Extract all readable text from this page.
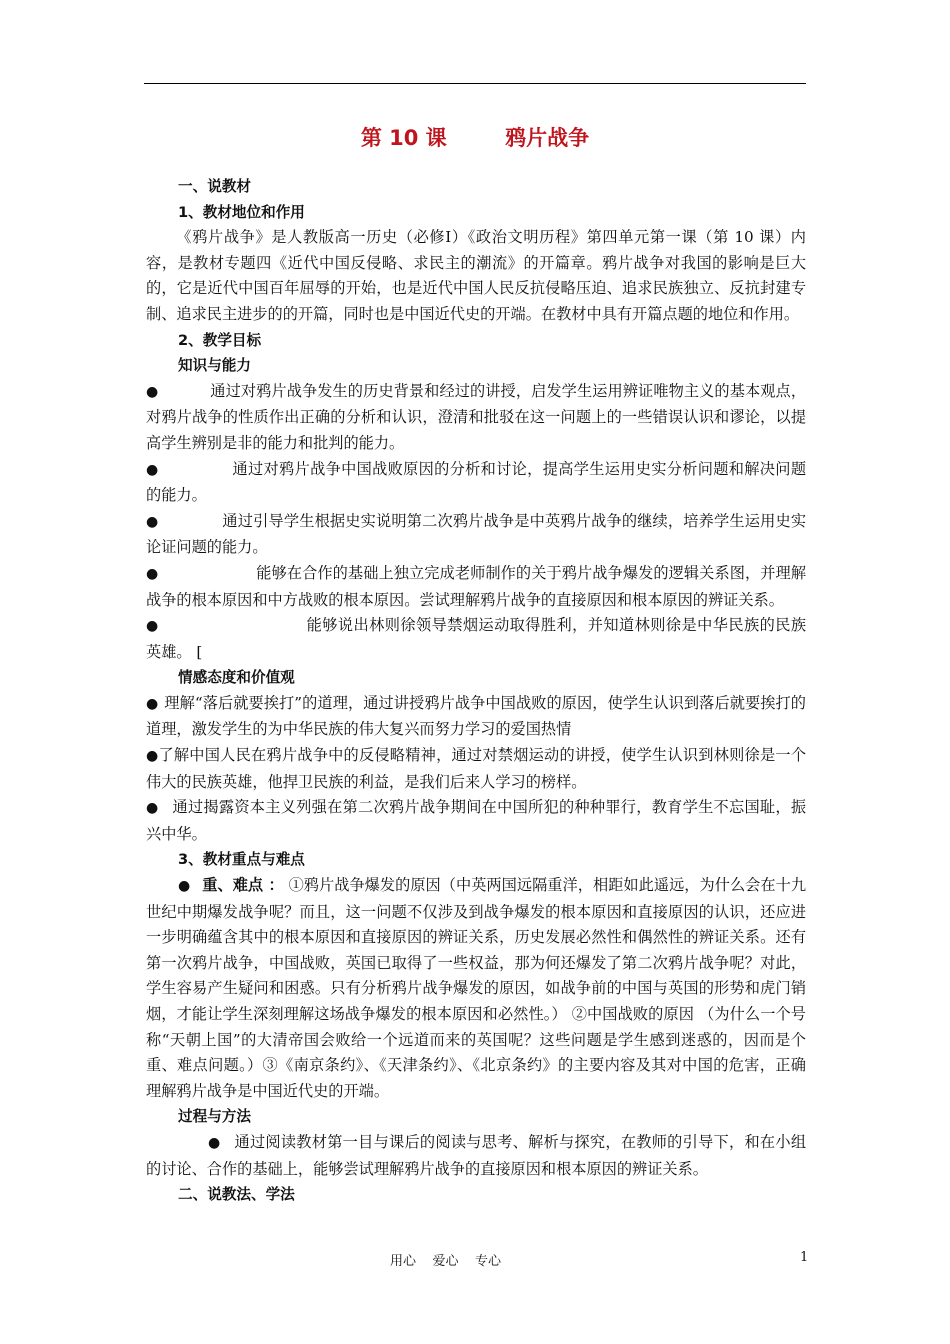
第 10 课        鸦片战争

一、说教材

1、教材地位和作用

《鸦片战争》是人教版高一历史（必修Ⅰ）《政治文明历程》第四单元第一课（第 10 课）内容，是教材专题四《近代中国反侵略、求民主的潮流》的开篇章。鸦片战争对我国的影响是巨大的，它是近代中国百年屈辱的开始，也是近代中国人民反抗侵略压迫、追求民族独立、反抗封建专制、追求民主进步的的开篇，同时也是中国近代史的开端。在教材中具有开篇点题的地位和作用。

2、教学目标

知识与能力

●	通过对鸦片战争发生的历史背景和经过的讲授，启发学生运用辨证唯物主义的基本观点，对鸦片战争的性质作出正确的分析和认识，澄清和批驳在这一问题上的一些错误认识和谬论，以提高学生辨别是非的能力和批判的能力。

●	通过对鸦片战争中国战败原因的分析和讨论，提高学生运用史实分析问题和解决问题的能力。

●	通过引导学生根据史实说明第二次鸦片战争是中英鸦片战争的继续，培养学生运用史实论证问题的能力。

●	能够在合作的基础上独立完成老师制作的关于鸦片战争爆发的逻辑关系图，并理解战争的根本原因和中方战败的根本原因。尝试理解鸦片战争的直接原因和根本原因的辨证关系。

●	能够说出林则徐领导禁烟运动取得胜利，并知道林则徐是中华民族的民族英雄。 [

情感态度和价值观

● 理解“落后就要挨打”的道理，通过讲授鸦片战争中国战败的原因，使学生认识到落后就要挨打的道理，激发学生的为中华民族的伟大复兴而努力学习的爱国热情

●了解中国人民在鸦片战争中的反侵略精神，通过对禁烟运动的讲授，使学生认识到林则徐是一个伟大的民族英雄，他捍卫民族的利益，是我们后来人学习的榜样。

● 通过揭露资本主义列强在第二次鸦片战争期间在中国所犯的种种罪行，教育学生不忘国耻，振兴中华。

3、教材重点与难点

● 重、难点 ： ①鸦片战争爆发的原因（中英两国远隔重洋，相距如此遥远，为什么会在十九世纪中期爆发战争呢？而且，这一问题不仅涉及到战争爆发的根本原因和直接原因的认识，还应进一步明确蕴含其中的根本原因和直接原因的辨证关系，历史发展必然性和偶然性的辨证关系。还有第一次鸦片战争，中国战败，英国已取得了一些权益，那为何还爆发了第二次鸦片战争呢？对此，学生容易产生疑问和困惑。只有分析鸦片战争爆发的原因，如战争前的中国与英国的形势和虎门销烟，才能让学生深刻理解这场战争爆发的根本原因和必然性。） ②中国战败的原因 （为什么一个号称“天朝上国”的大清帝国会败给一个远道而来的英国呢？这些问题是学生感到迷惑的，因而是个重、难点问题。）③《南京条约》、《天津条约》、《北京条约》的主要内容及其对中国的危害，正确理解鸦片战争是中国近代史的开端。

过程与方法

● 通过阅读教材第一目与课后的阅读与思考、解析与探究，在教师的引导下，和在小组的讨论、合作的基础上，能够尝试理解鸦片战争的直接原因和根本原因的辨证关系。

二、说教法、学法

用心    爱心    专心	1
